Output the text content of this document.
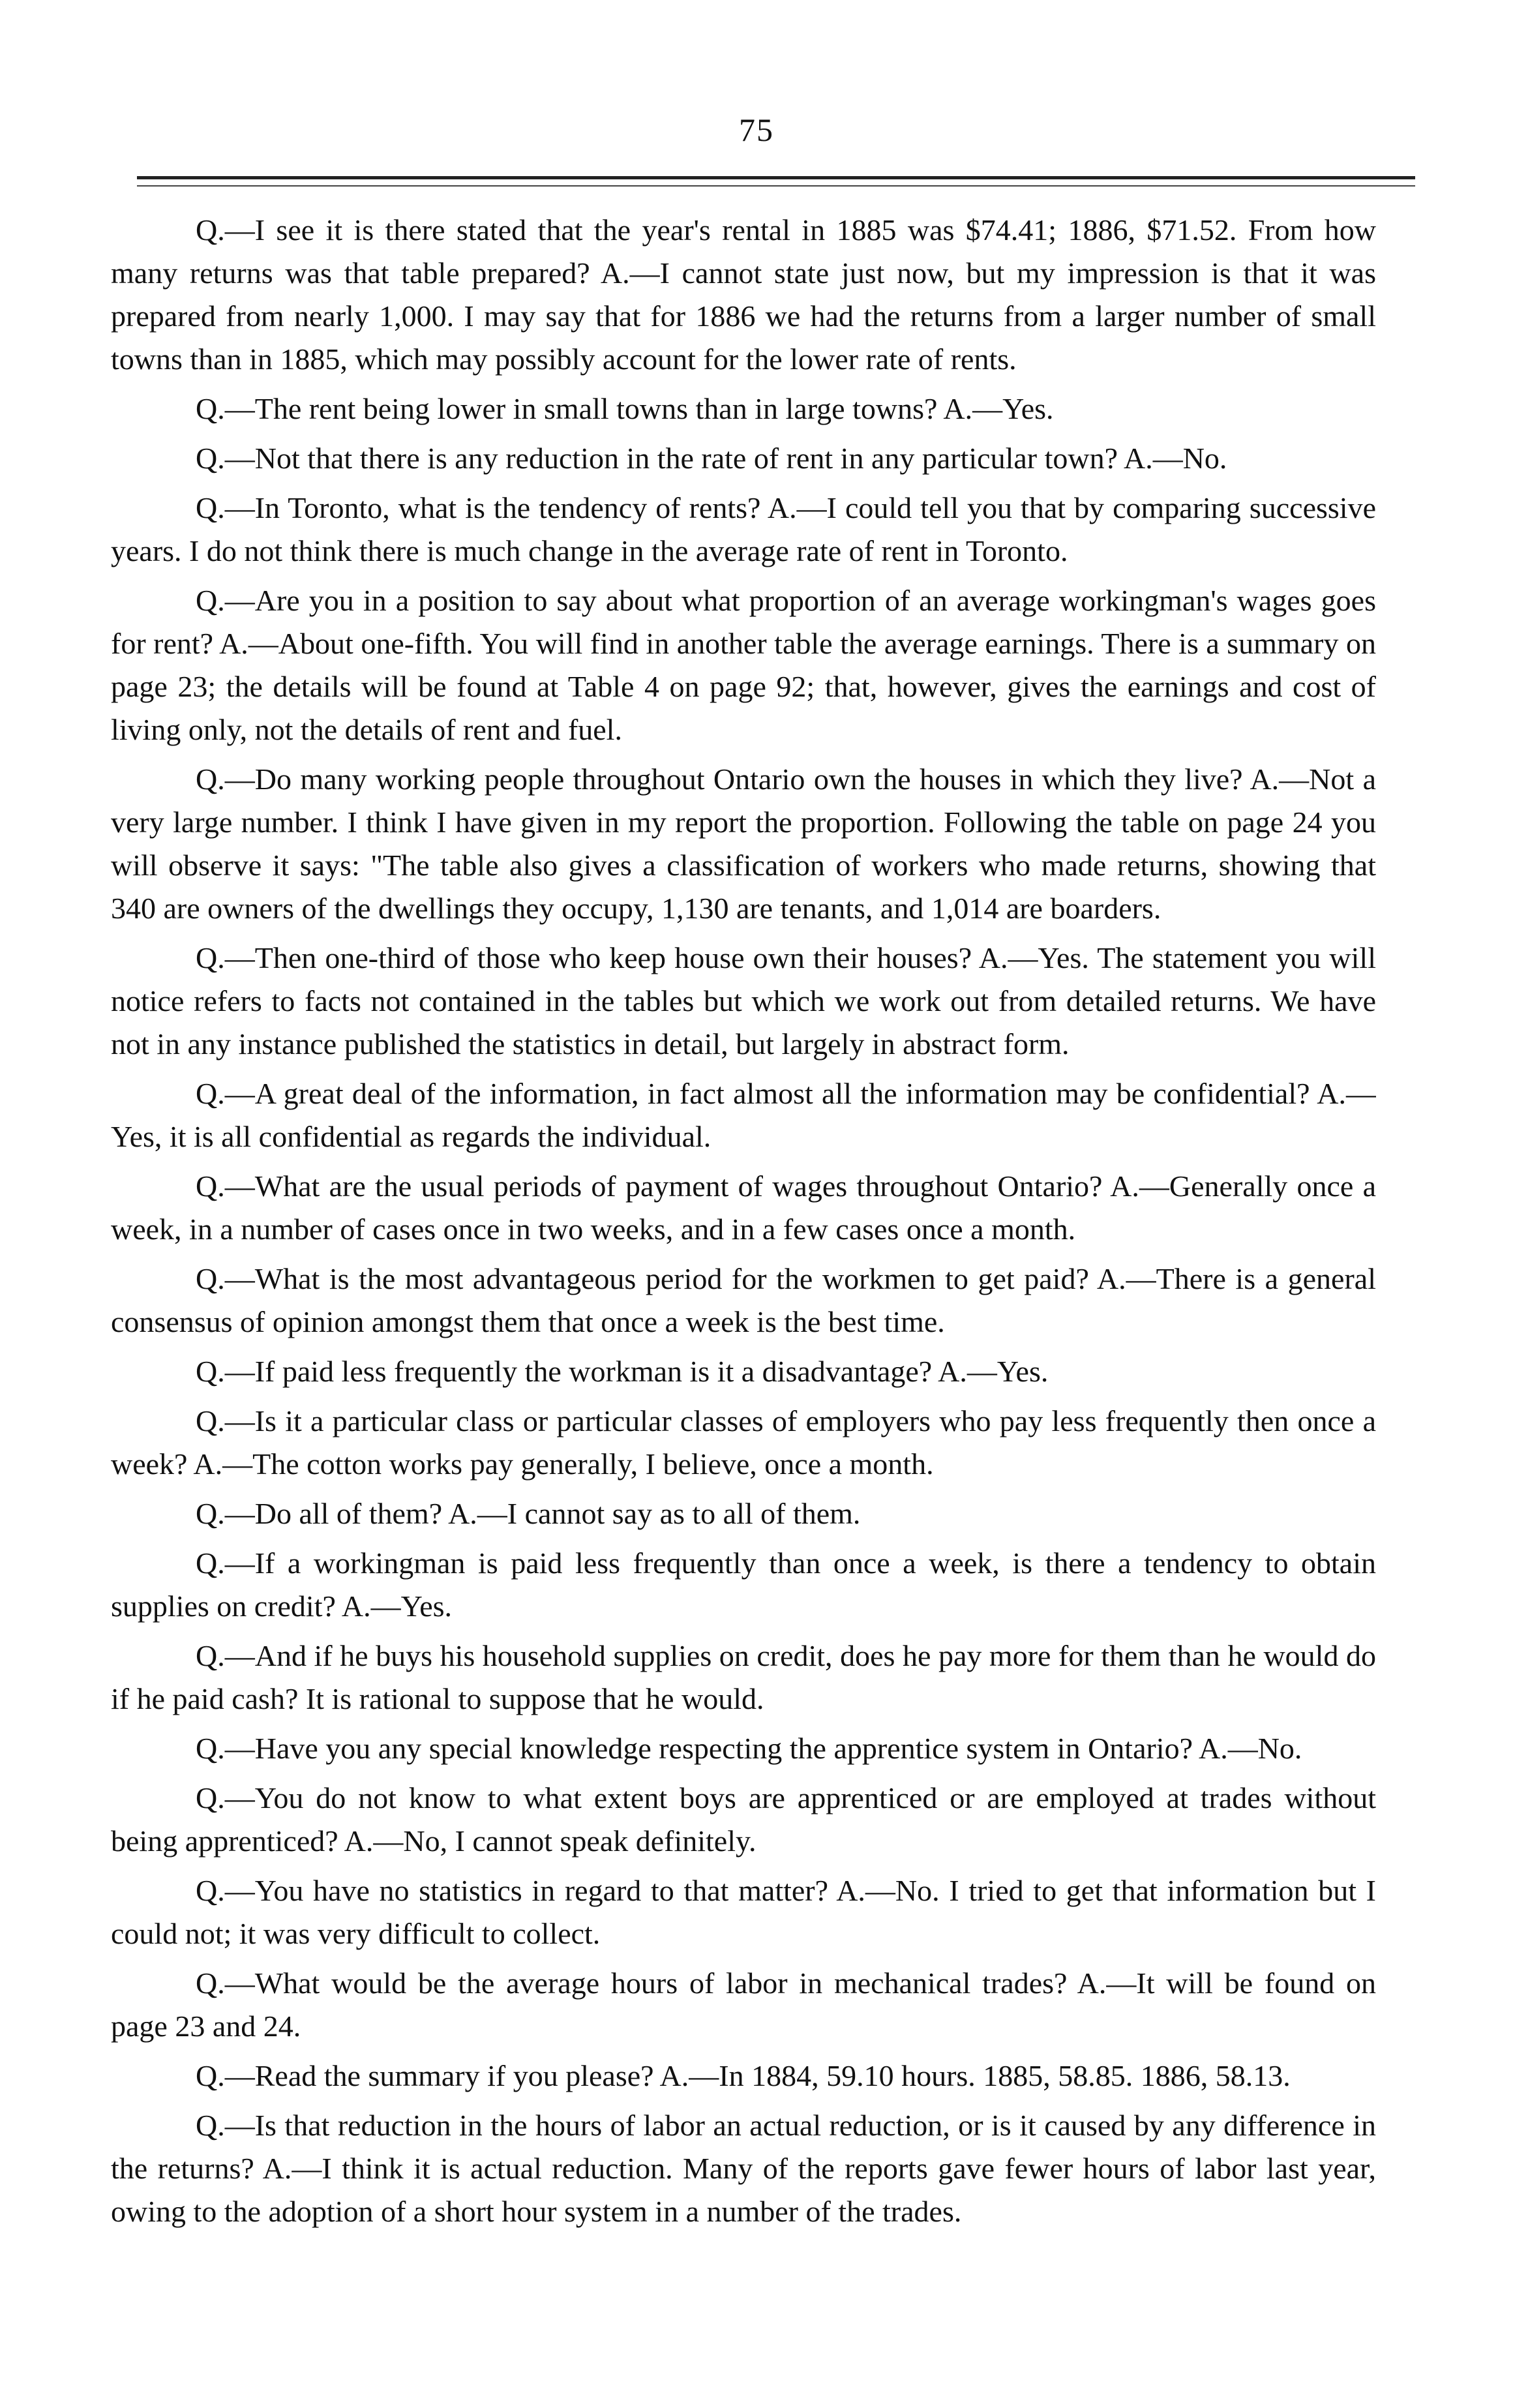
75

Q.—I see it is there stated that the year's rental in 1885 was $74.41; 1886, $71.52. From how many returns was that table prepared? A.—I cannot state just now, but my impression is that it was prepared from nearly 1,000. I may say that for 1886 we had the returns from a larger number of small towns than in 1885, which may possibly account for the lower rate of rents.

Q.—The rent being lower in small towns than in large towns? A.—Yes.

Q.—Not that there is any reduction in the rate of rent in any particular town? A.—No.

Q.—In Toronto, what is the tendency of rents? A.—I could tell you that by comparing successive years. I do not think there is much change in the average rate of rent in Toronto.

Q.—Are you in a position to say about what proportion of an average workingman's wages goes for rent? A.—About one-fifth. You will find in another table the average earnings. There is a summary on page 23; the details will be found at Table 4 on page 92; that, however, gives the earnings and cost of living only, not the details of rent and fuel.

Q.—Do many working people throughout Ontario own the houses in which they live? A.—Not a very large number. I think I have given in my report the proportion. Following the table on page 24 you will observe it says: "The table also gives a classification of workers who made returns, showing that 340 are owners of the dwellings they occupy, 1,130 are tenants, and 1,014 are boarders.

Q.—Then one-third of those who keep house own their houses? A.—Yes. The statement you will notice refers to facts not contained in the tables but which we work out from detailed returns. We have not in any instance published the statistics in detail, but largely in abstract form.

Q.—A great deal of the information, in fact almost all the information may be confidential? A.—Yes, it is all confidential as regards the individual.

Q.—What are the usual periods of payment of wages throughout Ontario? A.—Generally once a week, in a number of cases once in two weeks, and in a few cases once a month.

Q.—What is the most advantageous period for the workmen to get paid? A.—There is a general consensus of opinion amongst them that once a week is the best time.

Q.—If paid less frequently the workman is it a disadvantage? A.—Yes.

Q.—Is it a particular class or particular classes of employers who pay less frequently then once a week? A.—The cotton works pay generally, I believe, once a month.

Q.—Do all of them? A.—I cannot say as to all of them.

Q.—If a workingman is paid less frequently than once a week, is there a tendency to obtain supplies on credit? A.—Yes.

Q.—And if he buys his household supplies on credit, does he pay more for them than he would do if he paid cash? It is rational to suppose that he would.

Q.—Have you any special knowledge respecting the apprentice system in Ontario? A.—No.

Q.—You do not know to what extent boys are apprenticed or are employed at trades without being apprenticed? A.—No, I cannot speak definitely.

Q.—You have no statistics in regard to that matter? A.—No. I tried to get that information but I could not; it was very difficult to collect.

Q.—What would be the average hours of labor in mechanical trades? A.—It will be found on page 23 and 24.

Q.—Read the summary if you please? A.—In 1884, 59.10 hours. 1885, 58.85. 1886, 58.13.

Q.—Is that reduction in the hours of labor an actual reduction, or is it caused by any difference in the returns? A.—I think it is actual reduction. Many of the reports gave fewer hours of labor last year, owing to the adoption of a short hour system in a number of the trades.
